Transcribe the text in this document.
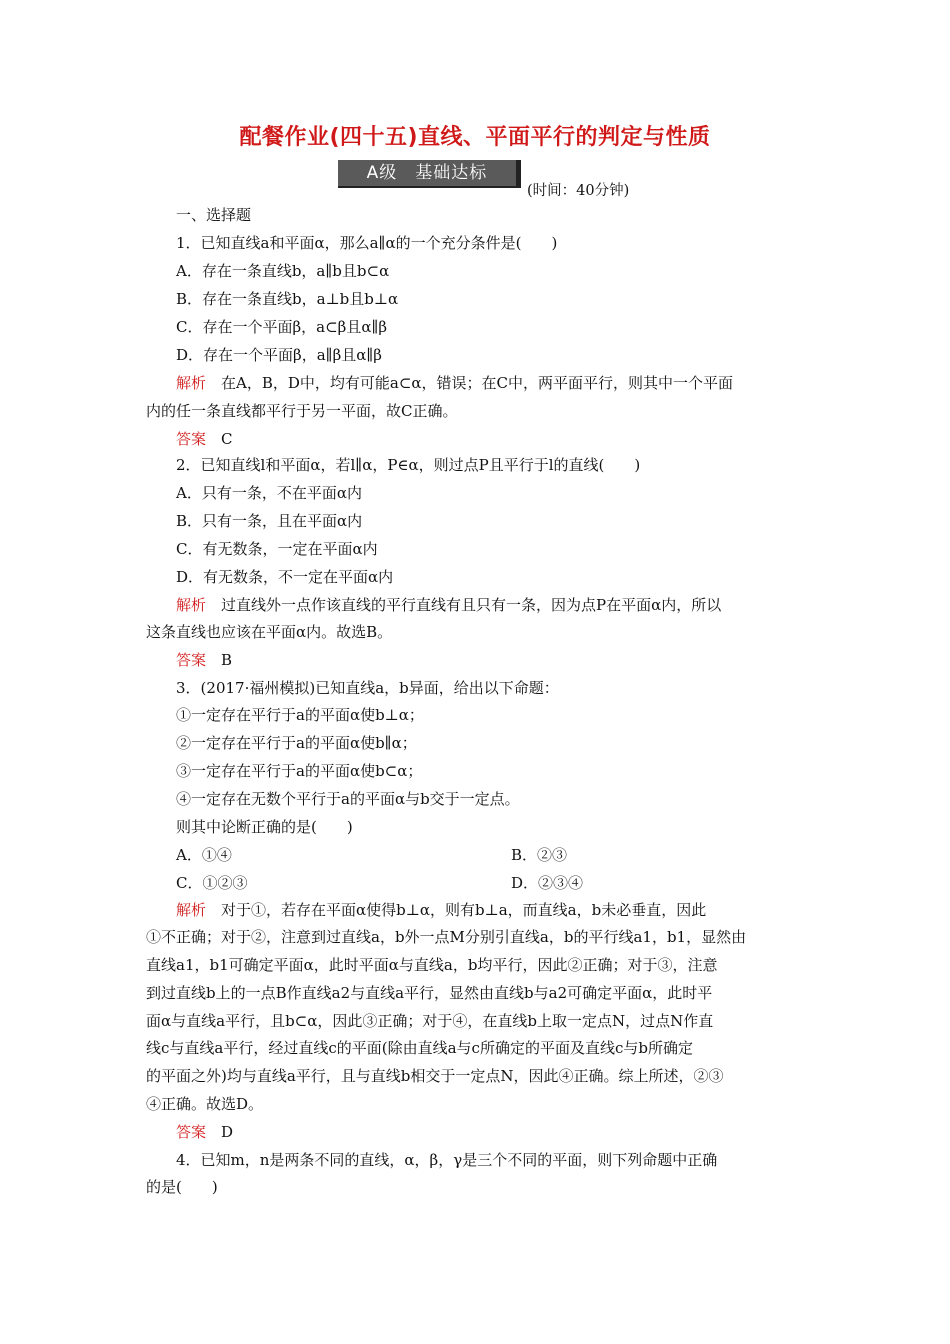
配餐作业(四十五)直线、平面平行的判定与性质
A级　基础达标
(时间：40分钟)
一、选择题
1．已知直线a和平面α，那么a∥α的一个充分条件是(　　)
A．存在一条直线b，a∥b且b⊂α
B．存在一条直线b，a⊥b且b⊥α
C．存在一个平面β，a⊂β且α∥β
D．存在一个平面β，a∥β且α∥β
解析　 在A，B，D中，均有可能a⊂α，错误；在C中，两平面平行，则其中一个平面
内的任一条直线都平行于另一平面，故C正确。
答案　 C
2．已知直线l和平面α，若l∥α，P∈α，则过点P且平行于l的直线(　　)
A．只有一条，不在平面α内
B．只有一条，且在平面α内
C．有无数条，一定在平面α内
D．有无数条，不一定在平面α内
解析　 过直线外一点作该直线的平行直线有且只有一条，因为点P在平面α内，所以
这条直线也应该在平面α内。故选B。
答案　 B
3．(2017·福州模拟)已知直线a，b异面，给出以下命题：
①一定存在平行于a的平面α使b⊥α；
②一定存在平行于a的平面α使b∥α；
③一定存在平行于a的平面α使b⊂α；
④一定存在无数个平行于a的平面α与b交于一定点。
则其中论断正确的是(　　)
A．①④	B．②③
C．①②③	D．②③④
解析　 对于①，若存在平面α使得b⊥α，则有b⊥a，而直线a，b未必垂直，因此
①不正确；对于②，注意到过直线a，b外一点M分别引直线a，b的平行线a1，b1，显然由
直线a1，b1可确定平面α，此时平面α与直线a，b均平行，因此②正确；对于③，注意
到过直线b上的一点B作直线a2与直线a平行，显然由直线b与a2可确定平面α，此时平
面α与直线a平行，且b⊂α，因此③正确；对于④，在直线b上取一定点N，过点N作直
线c与直线a平行，经过直线c的平面(除由直线a与c所确定的平面及直线c与b所确定
的平面之外)均与直线a平行，且与直线b相交于一定点N，因此④正确。综上所述，②③
④正确。故选D。
答案　 D
4．已知m，n是两条不同的直线，α，β，γ是三个不同的平面，则下列命题中正确
的是(　　)
